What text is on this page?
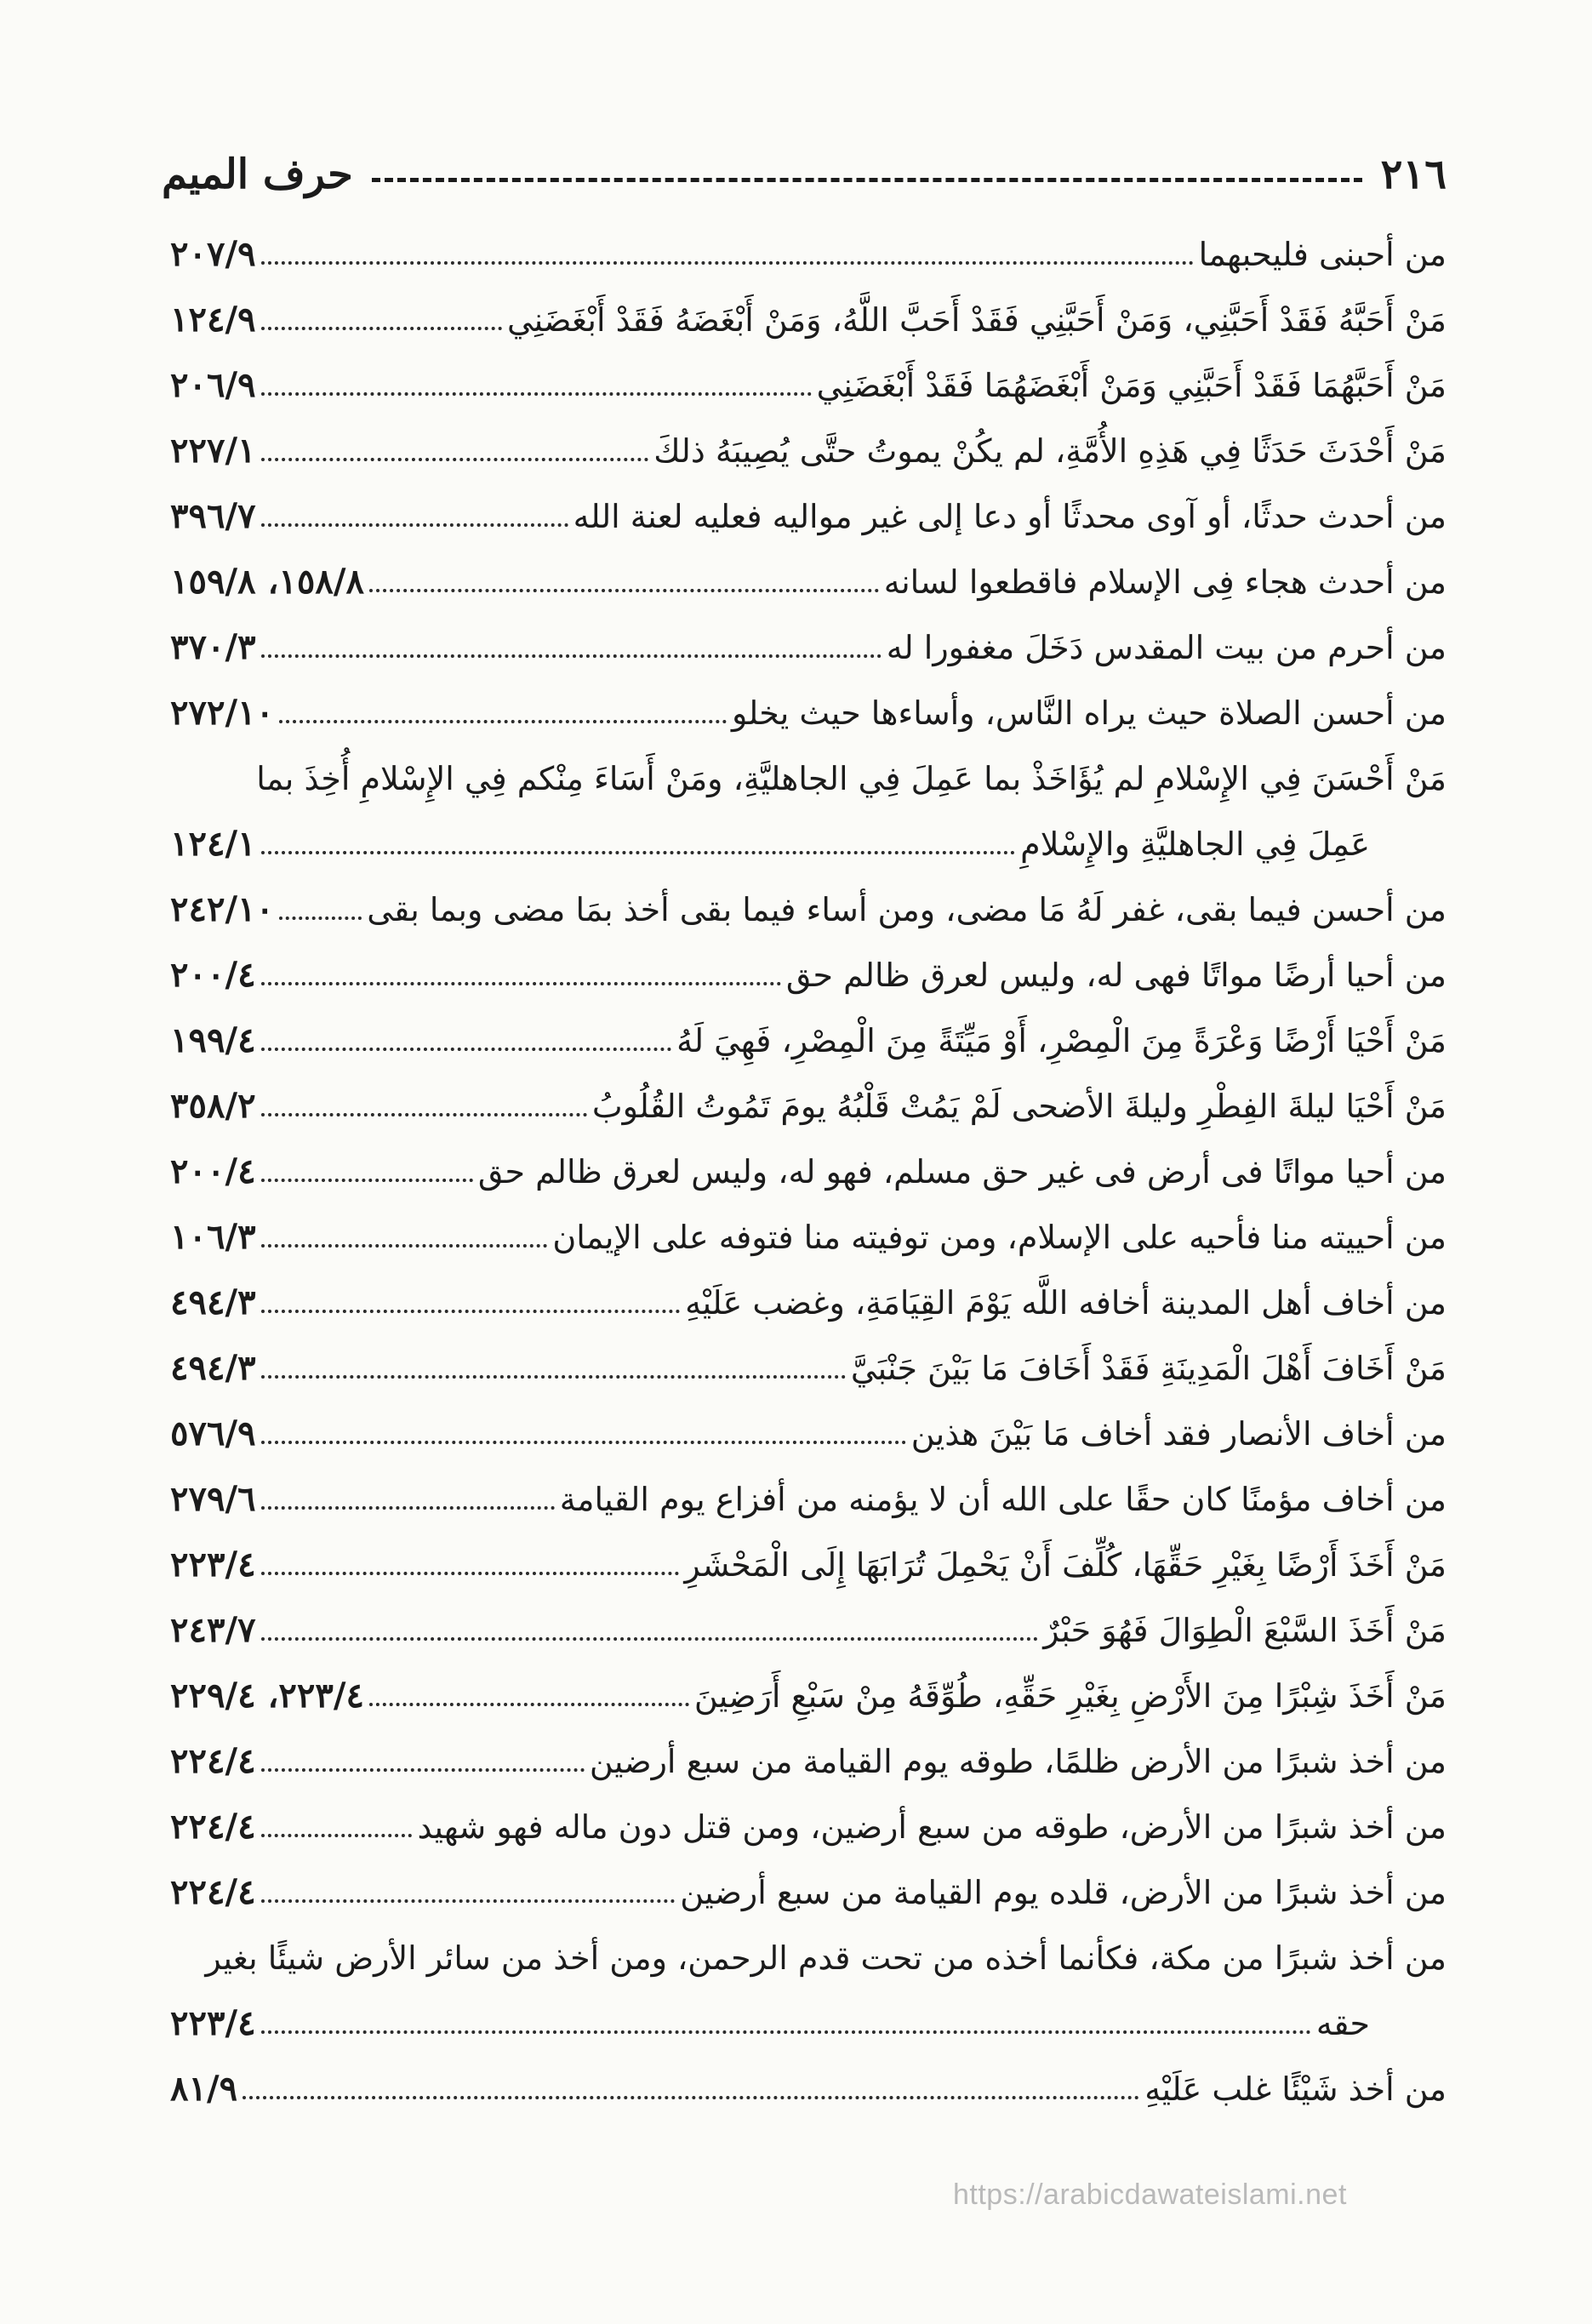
٢١٦
حرف الميم
من أحبنى فليحبهما
٢٠٧/٩
مَنْ أَحَبَّهُ فَقَدْ أَحَبَّنِي، وَمَنْ أَحَبَّنِي فَقَدْ أَحَبَّ اللَّهُ، وَمَنْ أَبْغَضَهُ فَقَدْ أَبْغَضَنِي
١٢٤/٩
مَنْ أَحَبَّهُمَا فَقَدْ أَحَبَّنِي وَمَنْ أَبْغَضَهُمَا فَقَدْ أَبْغَضَنِي
٢٠٦/٩
مَنْ أَحْدَثَ حَدَثًا فِي هَذِهِ الأُمَّةِ، لم يكُنْ يموتُ حتَّى يُصِيبَهُ ذلكَ
٢٢٧/١
من أحدث حدثًا، أو آوى محدثًا أو دعا إلى غير مواليه فعليه لعنة الله
٣٩٦/٧
من أحدث هجاء فِى الإسلام فاقطعوا لسانه
١٥٨/٨، ١٥٩/٨
من أحرم من بيت المقدس دَخَلَ مغفورا له
٣٧٠/٣
من أحسن الصلاة حيث يراه النَّاس، وأساءها حيث يخلو
٢٧٢/١٠
مَنْ أَحْسَنَ فِي الإِسْلامِ لم يُؤَاخَذْ بما عَمِلَ فِي الجاهليَّةِ، ومَنْ أَسَاءَ مِنْكم فِي الإِسْلامِ أُخِذَ بما
عَمِلَ فِي الجاهليَّةِ والإِسْلامِ
١٢٤/١
من أحسن فيما بقى، غفر لَهُ مَا مضى، ومن أساء فيما بقى أخذ بمَا مضى وبما بقى
٢٤٢/١٠
من أحيا أرضًا مواتًا فهى له، وليس لعرق ظالم حق
٢٠٠/٤
مَنْ أَحْيَا أَرْضًا وَعْرَةً مِنَ الْمِصْرِ، أَوْ مَيِّتَةً مِنَ الْمِصْرِ، فَهِيَ لَهُ
١٩٩/٤
مَنْ أَحْيَا ليلةَ الفِطْرِ وليلةَ الأضحى لَمْ يَمُتْ قَلْبُهُ يومَ تَمُوتُ القُلُوبُ
٣٥٨/٢
من أحيا مواتًا فى أرض فى غير حق مسلم، فهو له، وليس لعرق ظالم حق
٢٠٠/٤
من أحييته منا فأحيه على الإسلام، ومن توفيته منا فتوفه على الإيمان
١٠٦/٣
من أخاف أهل المدينة أخافه اللَّه يَوْمَ القِيَامَةِ، وغضب عَلَيْهِ
٤٩٤/٣
مَنْ أَخَافَ أَهْلَ الْمَدِينَةِ فَقَدْ أَخَافَ مَا بَيْنَ جَنْبَيَّ
٤٩٤/٣
من أخاف الأنصار فقد أخاف مَا بَيْنَ هذين
٥٧٦/٩
من أخاف مؤمنًا كان حقًا على الله أن لا يؤمنه من أفزاع يوم القيامة
٢٧٩/٦
مَنْ أَخَذَ أَرْضًا بِغَيْرِ حَقِّهَا، كُلِّفَ أَنْ يَحْمِلَ تُرَابَهَا إِلَى الْمَحْشَرِ
٢٢٣/٤
مَنْ أَخَذَ السَّبْعَ الْطِوَالَ فَهُوَ حَبْرٌ
٢٤٣/٧
مَنْ أَخَذَ شِبْرًا مِنَ الأَرْضِ بِغَيْرِ حَقِّهِ، طُوِّقَهُ مِنْ سَبْعِ أَرَضِينَ
٢٢٣/٤، ٢٢٩/٤
من أخذ شبرًا من الأرض ظلمًا، طوقه يوم القيامة من سبع أرضين
٢٢٤/٤
من أخذ شبرًا من الأرض، طوقه من سبع أرضين، ومن قتل دون ماله فهو شهيد
٢٢٤/٤
من أخذ شبرًا من الأرض، قلده يوم القيامة من سبع أرضين
٢٢٤/٤
من أخذ شبرًا من مكة، فكأنما أخذه من تحت قدم الرحمن، ومن أخذ من سائر الأرض شيئًا بغير
حقه
٢٢٣/٤
من أخذ شَيْئًا غلب عَلَيْهِ
٨١/٩
https://arabicdawateislami.net
